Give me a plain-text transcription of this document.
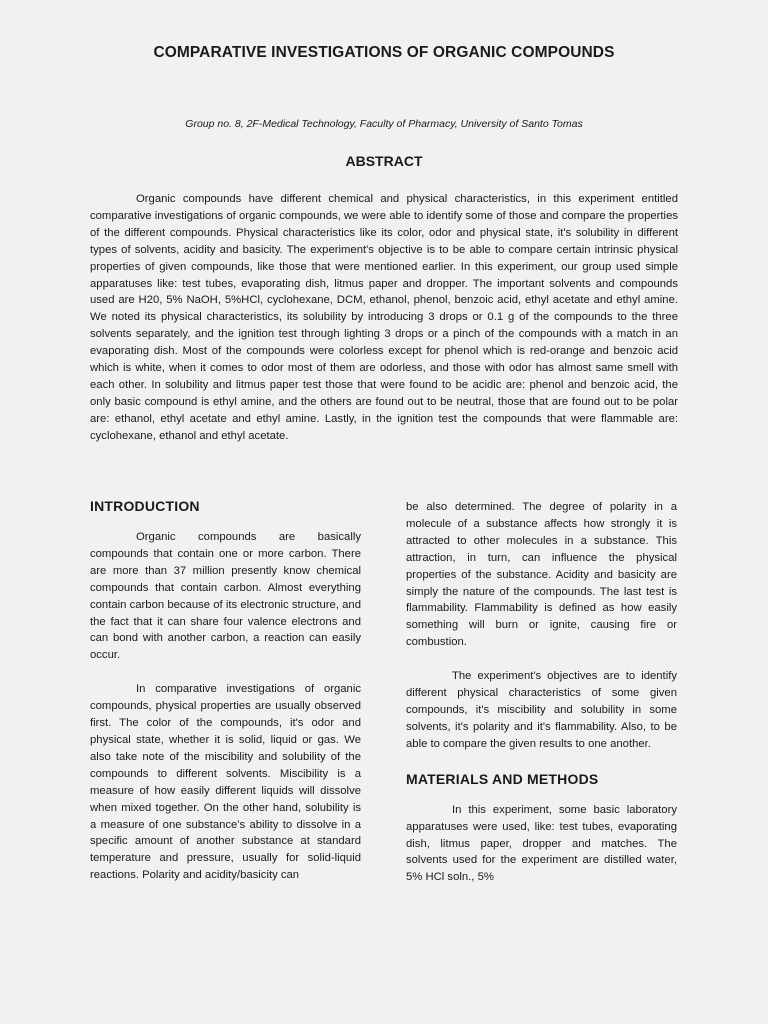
COMPARATIVE INVESTIGATIONS OF ORGANIC COMPOUNDS
Group no. 8, 2F-Medical Technology, Faculty of Pharmacy, University of Santo Tomas
ABSTRACT

Organic compounds have different chemical and physical characteristics, in this experiment entitled comparative investigations of organic compounds, we were able to identify some of those and compare the properties of the different compounds. Physical characteristics like its color, odor and physical state, it's solubility in different types of solvents, acidity and basicity. The experiment's objective is to be able to compare certain intrinsic physical properties of given compounds, like those that were mentioned earlier. In this experiment, our group used simple apparatuses like: test tubes, evaporating dish, litmus paper and dropper. The important solvents and compounds used are H20, 5% NaOH, 5%HCl, cyclohexane, DCM, ethanol, phenol, benzoic acid, ethyl acetate and ethyl amine. We noted its physical characteristics, its solubility by introducing 3 drops or 0.1 g of the compounds to the three solvents separately, and the ignition test through lighting 3 drops or a pinch of the compounds with a match in an evaporating dish. Most of the compounds were colorless except for phenol which is red-orange and benzoic acid which is white, when it comes to odor most of them are odorless, and those with odor has almost same smell with each other. In solubility and litmus paper test those that were found to be acidic are: phenol and benzoic acid, the only basic compound is ethyl amine, and the others are found out to be neutral, those that are found out to be polar are: ethanol, ethyl acetate and ethyl amine. Lastly, in the ignition test the compounds that were flammable are: cyclohexane, ethanol and ethyl acetate.

INTRODUCTION

Organic compounds are basically compounds that contain one or more carbon. There are more than 37 million presently know chemical compounds that contain carbon. Almost everything contain carbon because of its electronic structure, and the fact that it can share four valence electrons and can bond with another carbon, a reaction can easily occur.

In comparative investigations of organic compounds, physical properties are usually observed first. The color of the compounds, it's odor and physical state, whether it is solid, liquid or gas. We also take note of the miscibility and solubility of the compounds to different solvents. Miscibility is a measure of how easily different liquids will dissolve when mixed together. On the other hand, solubility is a measure of one substance's ability to dissolve in a specific amount of another substance at standard temperature and pressure, usually for solid-liquid reactions. Polarity and acidity/basicity can

be also determined. The degree of polarity in a molecule of a substance affects how strongly it is attracted to other molecules in a substance. This attraction, in turn, can influence the physical properties of the substance. Acidity and basicity are simply the nature of the compounds. The last test is flammability. Flammability is defined as how easily something will burn or ignite, causing fire or combustion.

The experiment's objectives are to identify different physical characteristics of some given compounds, it's miscibility and solubility in some solvents, it's polarity and it's flammability. Also, to be able to compare the given results to one another.

MATERIALS AND METHODS

In this experiment, some basic laboratory apparatuses were used, like: test tubes, evaporating dish, litmus paper, dropper and matches. The solvents used for the experiment are distilled water, 5% HCl soln., 5%
